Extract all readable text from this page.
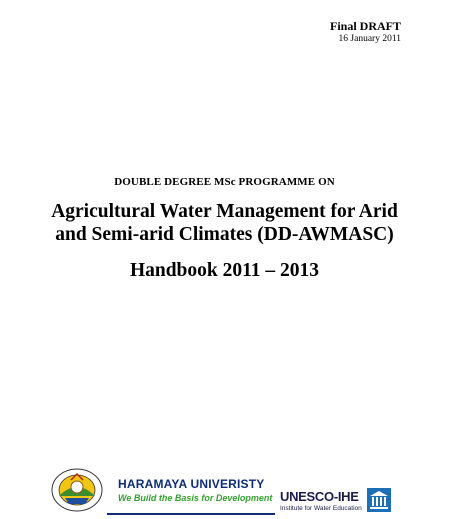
Final DRAFT
16 January 2011
DOUBLE DEGREE MSc PROGRAMME ON
Agricultural Water Management for Arid
and Semi-arid Climates (DD-AWMASC)
Handbook 2011 – 2013
HARAMAYA UNIVERISTY
We Build the Basis for Development UNESCO-IHE
Institute for Water Education
